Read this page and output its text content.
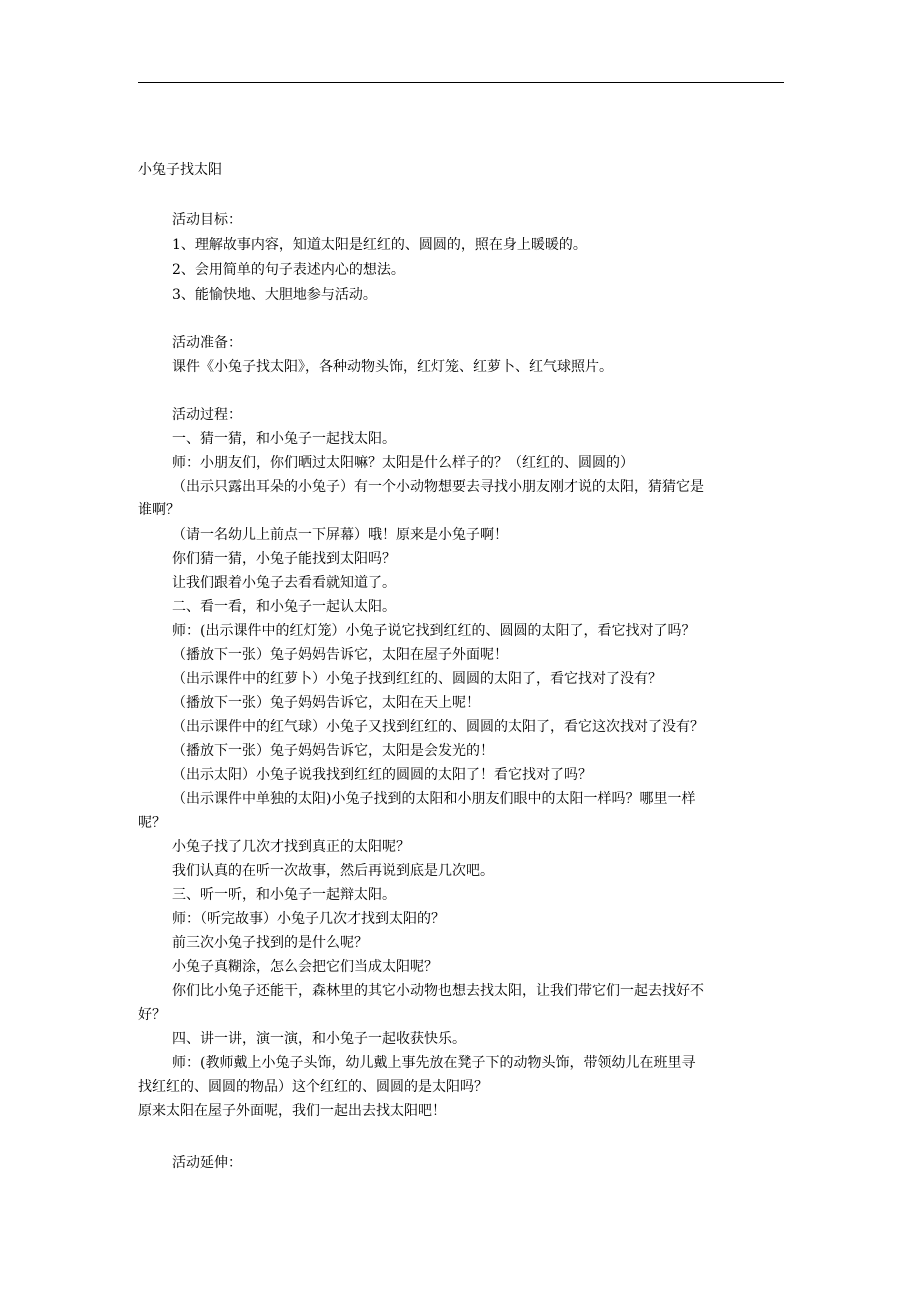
小兔子找太阳
活动目标：
1、理解故事内容，知道太阳是红红的、圆圆的，照在身上暖暖的。
2、会用简单的句子表述内心的想法。
3、能愉快地、大胆地参与活动。
活动准备：
课件《小兔子找太阳》，各种动物头饰，红灯笼、红萝卜、红气球照片。
活动过程：
一、猜一猜，和小兔子一起找太阳。
师：小朋友们，你们晒过太阳嘛？太阳是什么样子的？（红红的、圆圆的）
（出示只露出耳朵的小兔子）有一个小动物想要去寻找小朋友刚才说的太阳，猜猜它是
谁啊？
（请一名幼儿上前点一下屏幕）哦！原来是小兔子啊！
你们猜一猜，小兔子能找到太阳吗？
让我们跟着小兔子去看看就知道了。
二、看一看，和小兔子一起认太阳。
师：(出示课件中的红灯笼）小兔子说它找到红红的、圆圆的太阳了，看它找对了吗？
（播放下一张）兔子妈妈告诉它，太阳在屋子外面呢！
（出示课件中的红萝卜）小兔子找到红红的、圆圆的太阳了，看它找对了没有？
（播放下一张）兔子妈妈告诉它，太阳在天上呢！
（出示课件中的红气球）小兔子又找到红红的、圆圆的太阳了，看它这次找对了没有？
（播放下一张）兔子妈妈告诉它，太阳是会发光的！
（出示太阳）小兔子说我找到红红的圆圆的太阳了！看它找对了吗？
（出示课件中单独的太阳)小兔子找到的太阳和小朋友们眼中的太阳一样吗？哪里一样
呢？
小兔子找了几次才找到真正的太阳呢？
我们认真的在听一次故事，然后再说到底是几次吧。
三、听一听，和小兔子一起辩太阳。
师：（听完故事）小兔子几次才找到太阳的？
前三次小兔子找到的是什么呢？
小兔子真糊涂，怎么会把它们当成太阳呢？
你们比小兔子还能干，森林里的其它小动物也想去找太阳，让我们带它们一起去找好不
好？
四、讲一讲，演一演，和小兔子一起收获快乐。
师：(教师戴上小兔子头饰，幼儿戴上事先放在凳子下的动物头饰，带领幼儿在班里寻
找红红的、圆圆的物品）这个红红的、圆圆的是太阳吗？
原来太阳在屋子外面呢，我们一起出去找太阳吧！
活动延伸：
